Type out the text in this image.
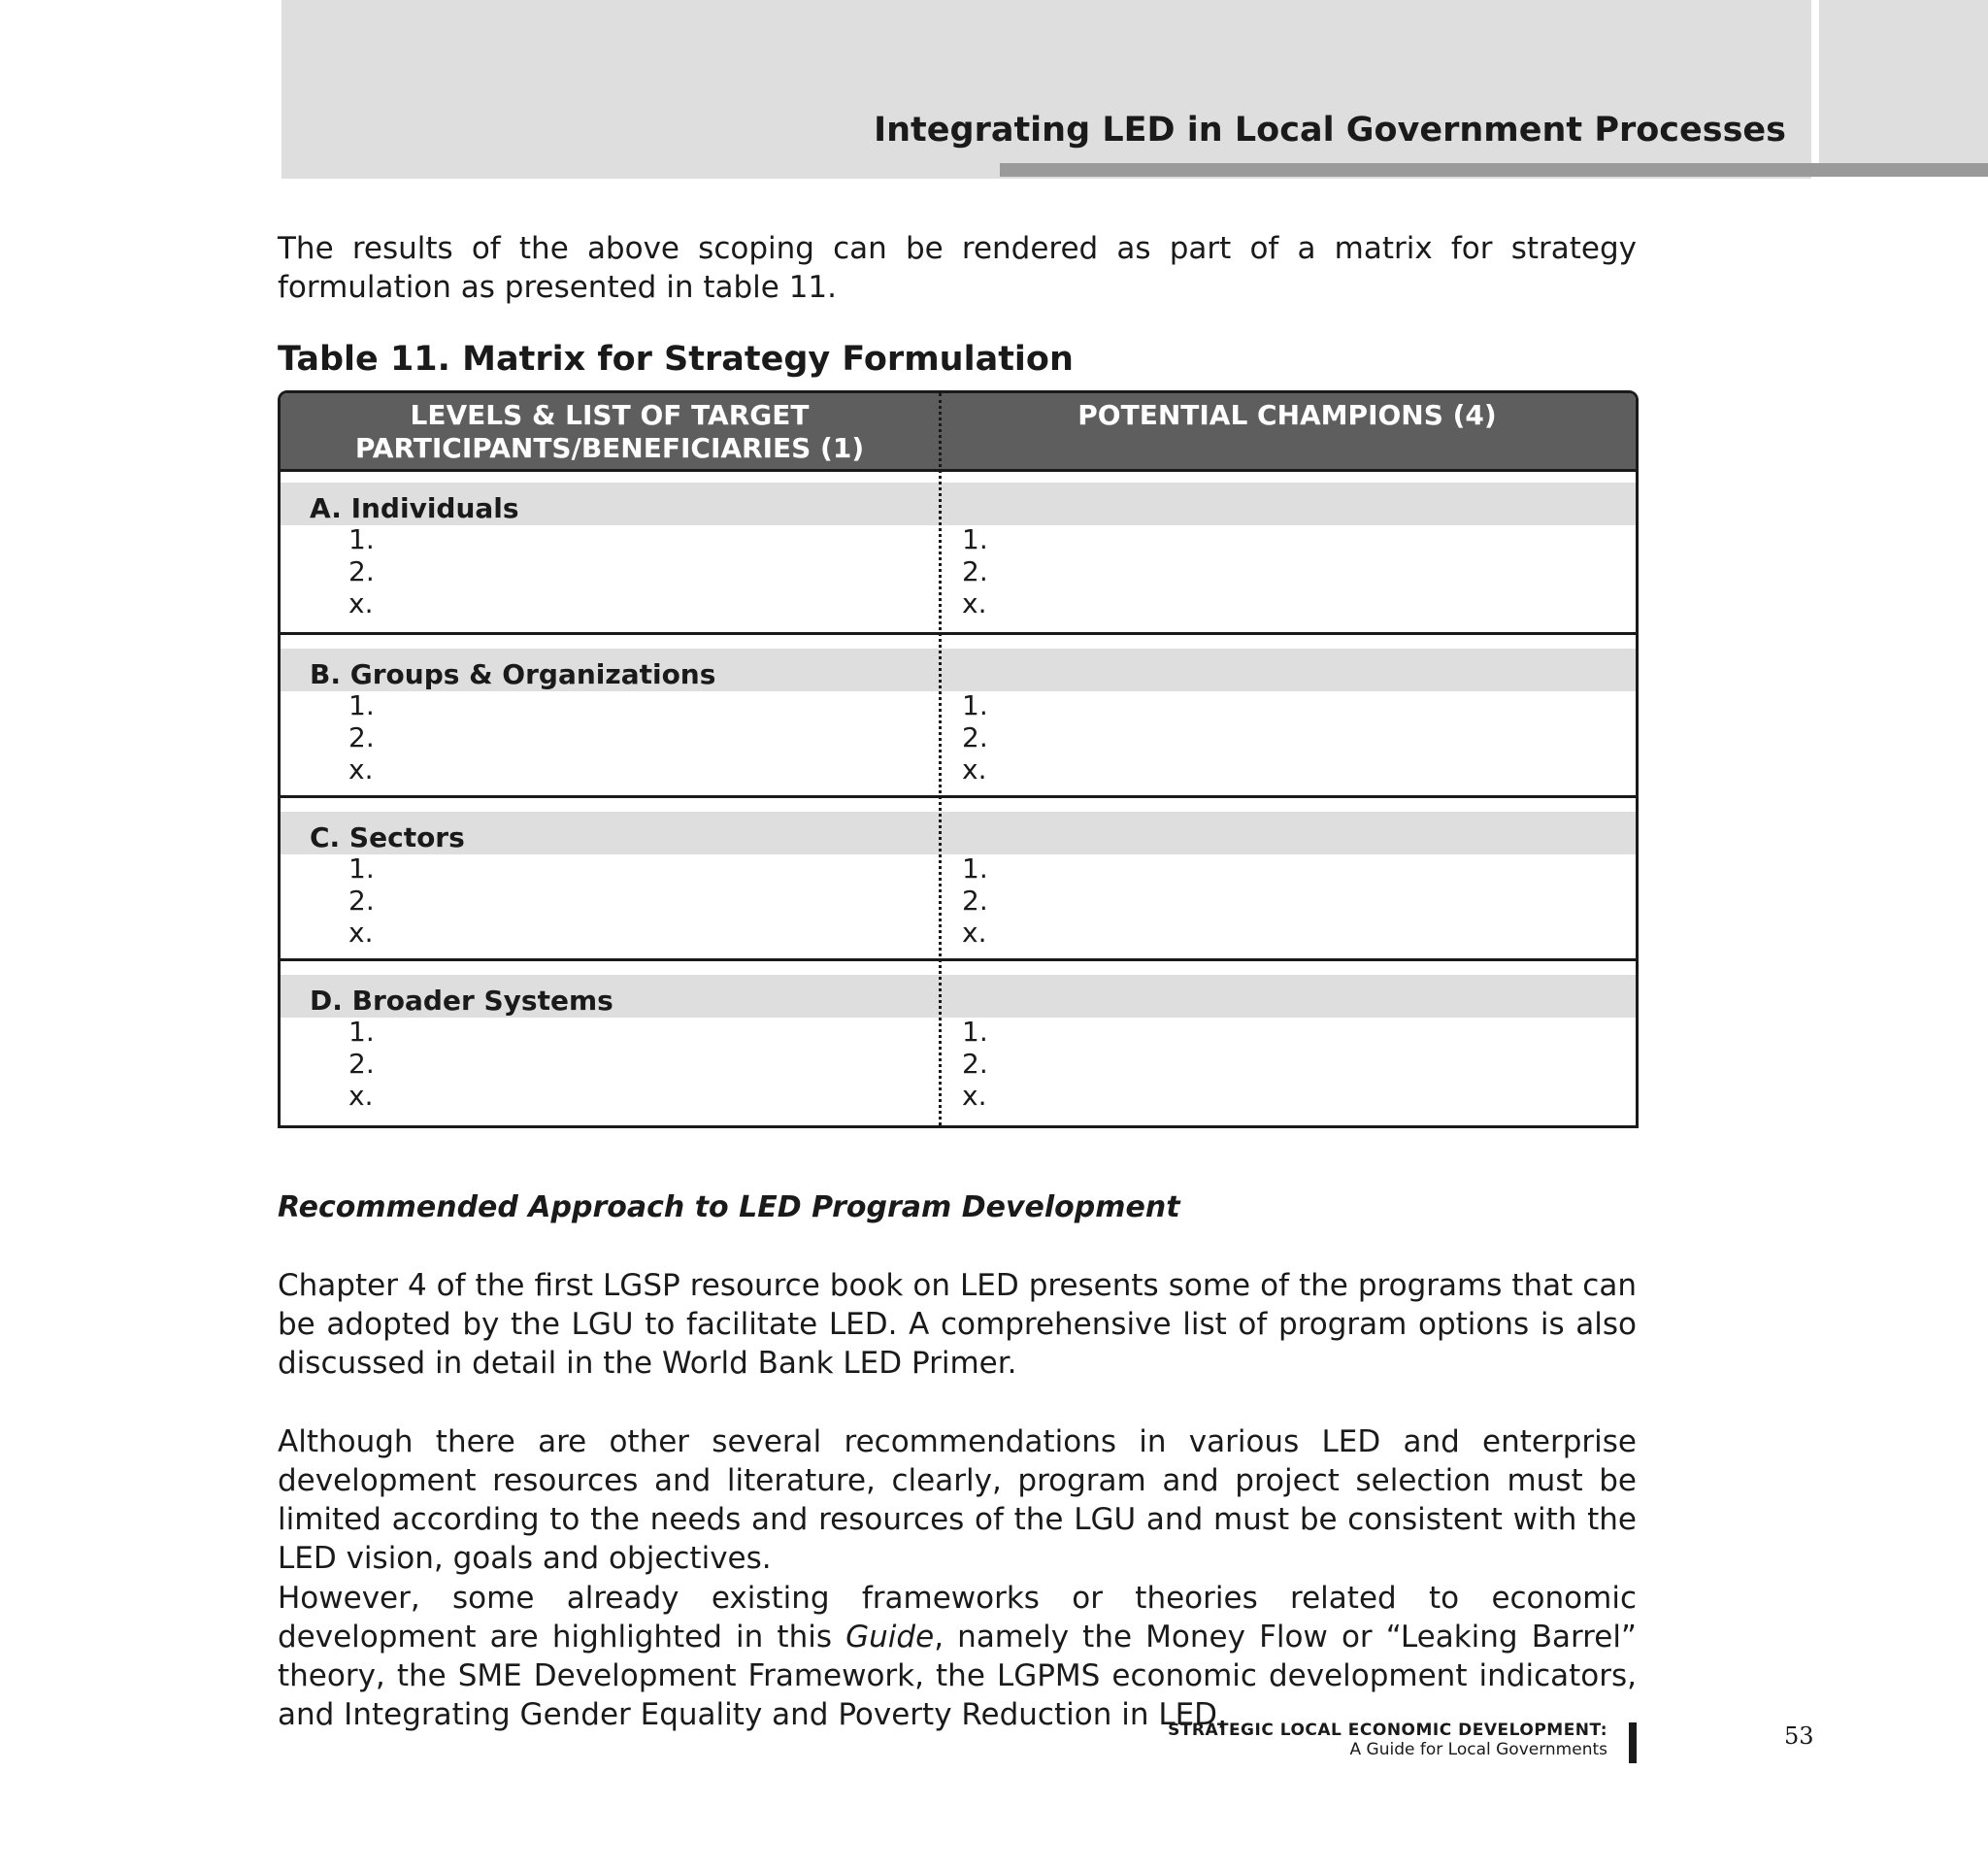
Integrating LED in Local Government Processes

The results of the above scoping can be rendered as part of a matrix for strategy formulation as presented in table 11.

Table 11. Matrix for Strategy Formulation
LEVELS & LIST OF TARGET PARTICIPANTS/BENEFICIARIES (1)
POTENTIAL CHAMPIONS (4)
A. Individuals
1.
2.
x.
1.
2.
x.
B. Groups & Organizations
1.
2.
x.
1.
2.
x.
C. Sectors
1.
2.
x.
1.
2.
x.
D. Broader Systems
1.
2.
x.
1.
2.
x.
Recommended Approach to LED Program Development

Chapter 4 of the first LGSP resource book on LED presents some of the programs that can be adopted by the LGU to facilitate LED. A comprehensive list of program options is also discussed in detail in the World Bank LED Primer.

Although there are other several recommendations in various LED and enterprise development resources and literature, clearly, program and project selection must be limited according to the needs and resources of the LGU and must be consistent with the LED vision, goals and objectives.

However, some already existing frameworks or theories related to economic development are highlighted in this Guide, namely the Money Flow or “Leaking Barrel” theory, the SME Development Framework, the LGPMS economic development indicators, and Integrating Gender Equality and Poverty Reduction in LED,

STRATEGIC LOCAL ECONOMIC DEVELOPMENT:
A Guide for Local Governments	53
